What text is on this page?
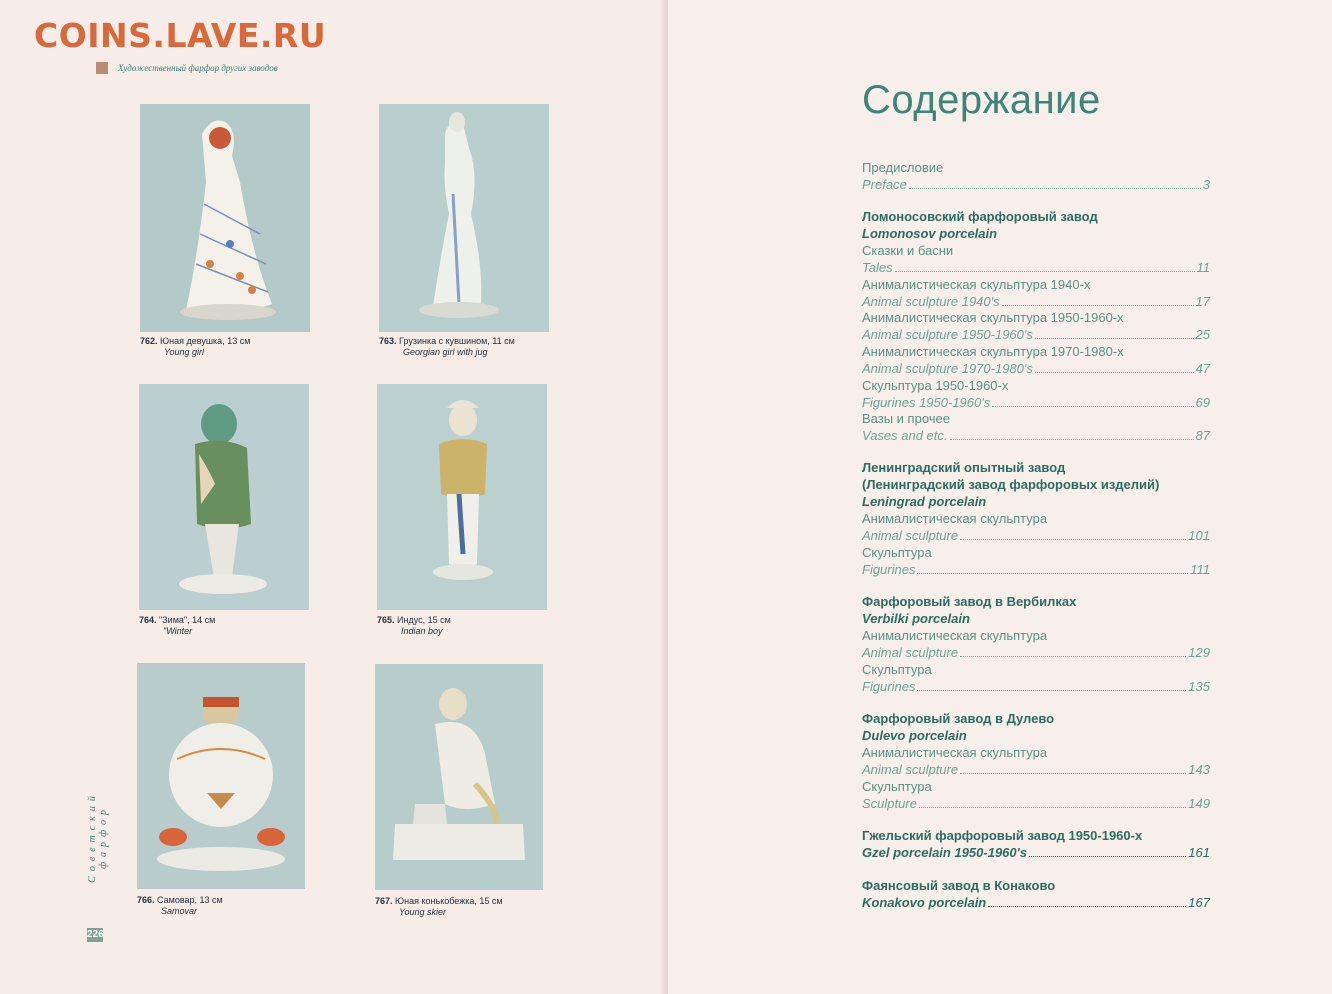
Художественный фарфор других заводов
762. Юная девушка, 13 см
Young girl
763. Грузинка с кувшином, 11 см
Georgian girl with jug
764. "Зима", 14 см
"Winter
765. Индус, 15 см
Indian boy
766. Самовар, 13 см
Samovar
767. Юная конькобежка, 15 см
Young skier
Советский фарфор
226
Содержание
Предисловие
Preface	3
Ломоносовский фарфоровый завод
Lomonosov porcelain
Сказки и басни
Tales	11
Анималистическая скульптура 1940-х
Animal sculpture 1940's	17
Анималистическая скульптура 1950-1960-х
Animal sculpture 1950-1960's	25
Анималистическая скульптура 1970-1980-х
Animal sculpture 1970-1980's	47
Скульптура 1950-1960-х
Figurines 1950-1960's	69
Вазы и прочее
Vases and etc.	87
Ленинградский опытный завод
(Ленинградский завод фарфоровых изделий)
Leningrad porcelain
Анималистическая скульптура
Animal sculpture	101
Скульптура
Figurines	111
Фарфоровый завод в Вербилках
Verbilki porcelain
Анималистическая скульптура
Animal sculpture	129
Скульптура
Figurines	135
Фарфоровый завод в Дулево
Dulevo porcelain
Анималистическая скульптура
Animal sculpture	143
Скульптура
Sculpture	149
Гжельский фарфоровый завод 1950-1960-х
Gzel porcelain 1950-1960's	161
Фаянсовый завод в Конаково
Konakovo porcelain	167
COINS.LAVE.RU
